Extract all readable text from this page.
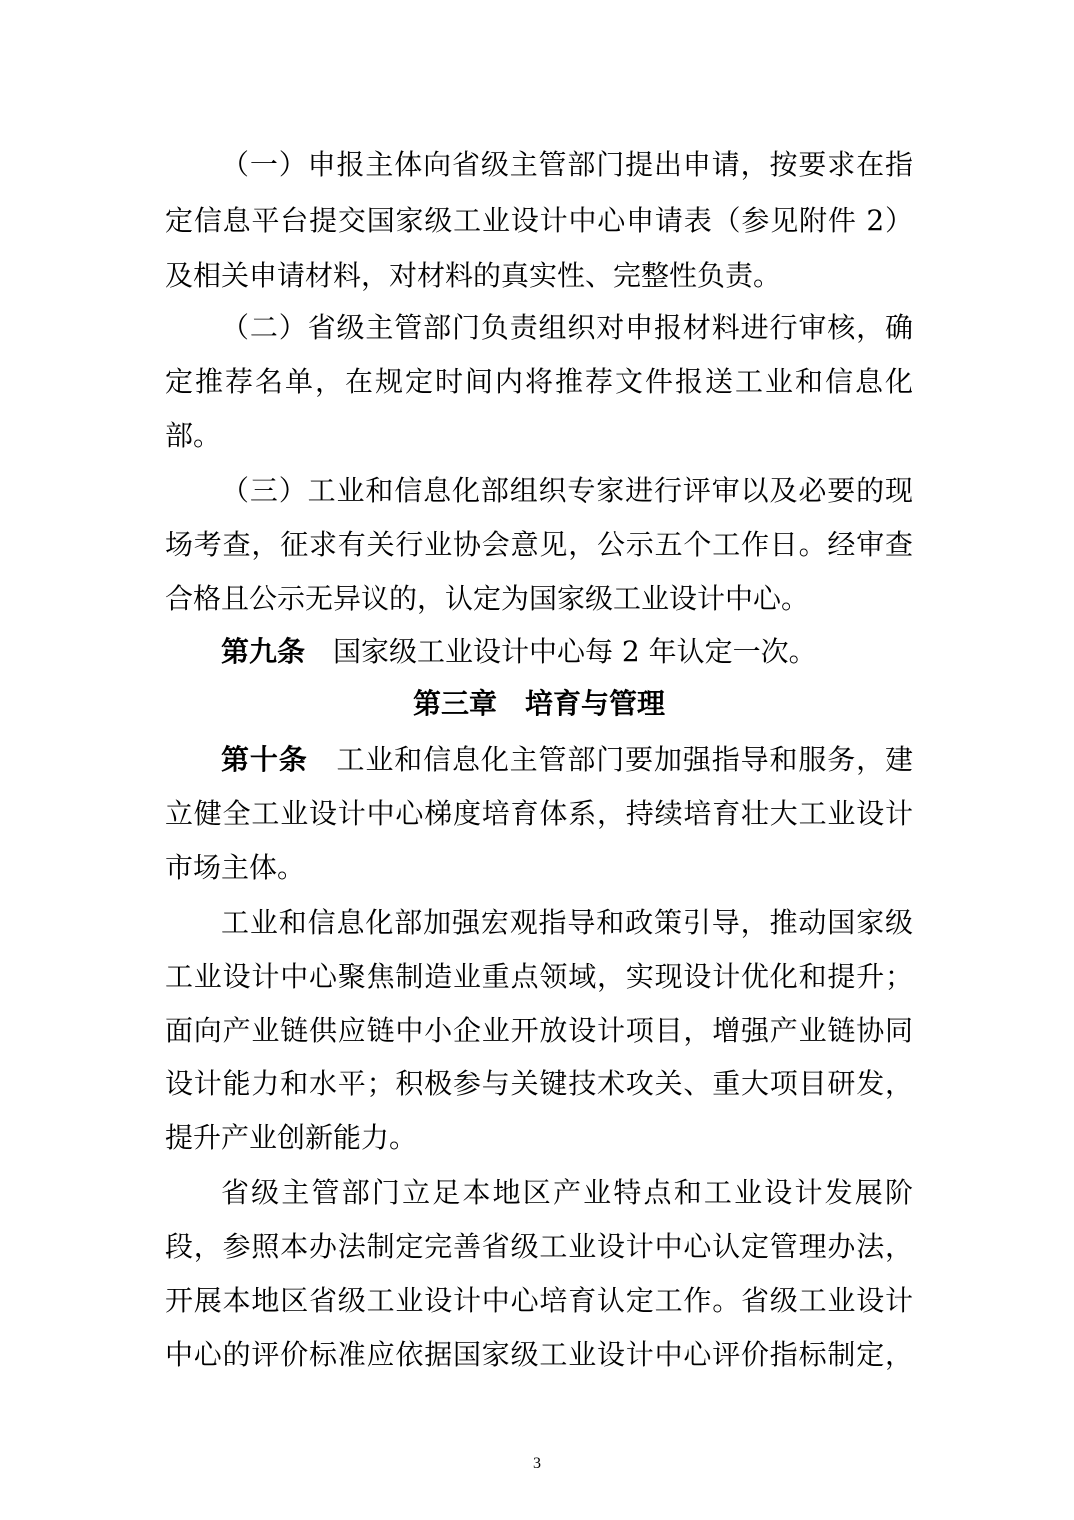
（一）申报主体向省级主管部门提出申请，按要求在指
定信息平台提交国家级工业设计中心申请表（参见附件 2）
及相关申请材料，对材料的真实性、完整性负责。
（二）省级主管部门负责组织对申报材料进行审核，确
定推荐名单，在规定时间内将推荐文件报送工业和信息化
部。
（三）工业和信息化部组织专家进行评审以及必要的现
场考查，征求有关行业协会意见，公示五个工作日。经审查
合格且公示无异议的，认定为国家级工业设计中心。
第九条 国家级工业设计中心每 2 年认定一次。
第三章　培育与管理
第十条 工业和信息化主管部门要加强指导和服务，建
立健全工业设计中心梯度培育体系，持续培育壮大工业设计
市场主体。
工业和信息化部加强宏观指导和政策引导，推动国家级
工业设计中心聚焦制造业重点领域，实现设计优化和提升；
面向产业链供应链中小企业开放设计项目，增强产业链协同
设计能力和水平；积极参与关键技术攻关、重大项目研发，
提升产业创新能力。
省级主管部门立足本地区产业特点和工业设计发展阶
段，参照本办法制定完善省级工业设计中心认定管理办法，
开展本地区省级工业设计中心培育认定工作。省级工业设计
中心的评价标准应依据国家级工业设计中心评价指标制定，
3
